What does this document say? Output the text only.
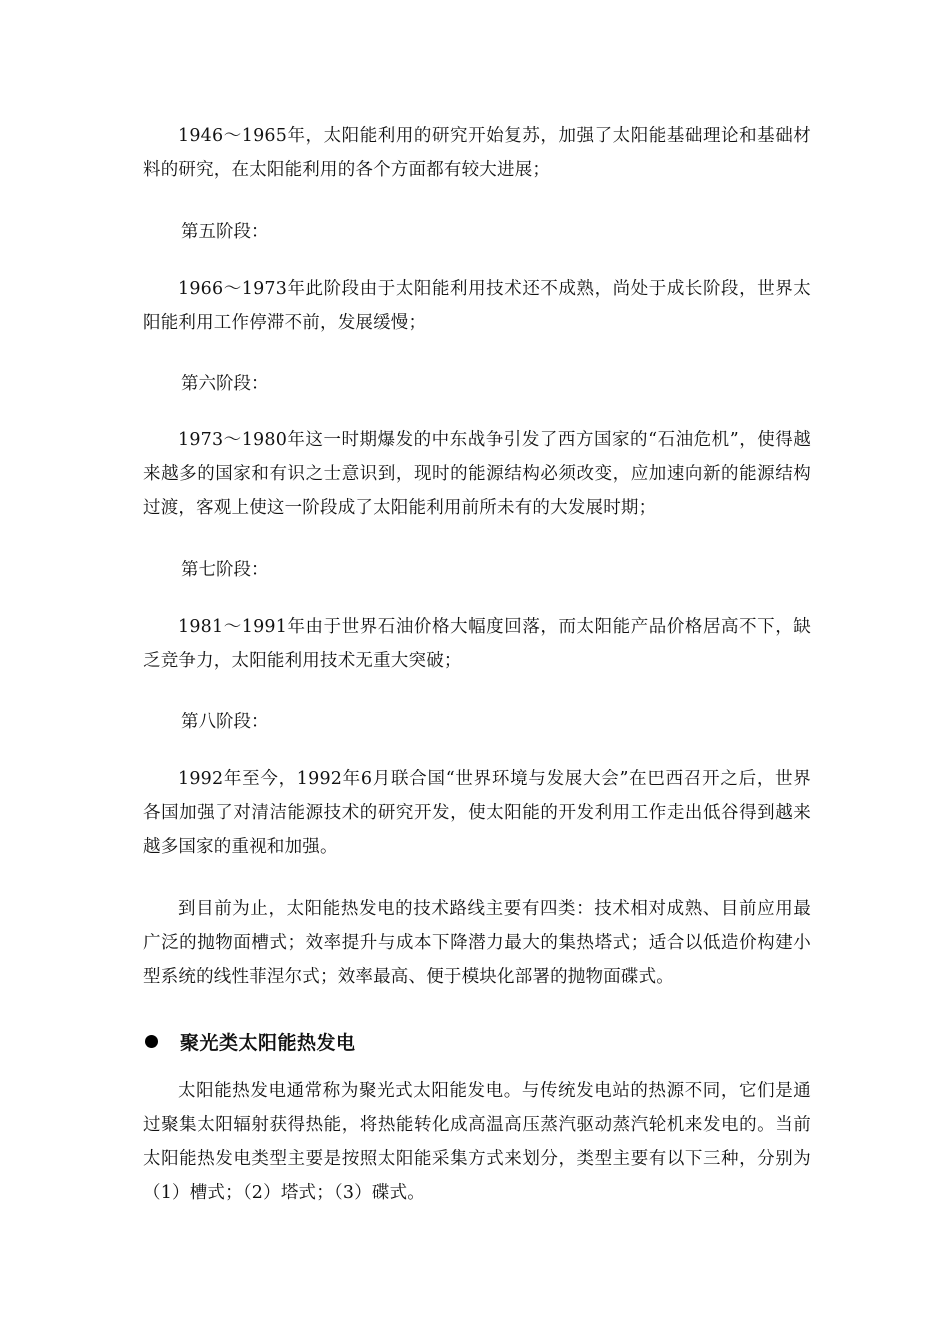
1946～1965年，太阳能利用的研究开始复苏，加强了太阳能基础理论和基础材料的研究，在太阳能利用的各个方面都有较大进展；

第五阶段：

1966～1973年此阶段由于太阳能利用技术还不成熟，尚处于成长阶段，世界太阳能利用工作停滞不前，发展缓慢；

第六阶段：

1973～1980年这一时期爆发的中东战争引发了西方国家的“石油危机”，使得越来越多的国家和有识之士意识到，现时的能源结构必须改变，应加速向新的能源结构过渡，客观上使这一阶段成了太阳能利用前所未有的大发展时期；

第七阶段：

1981～1991年由于世界石油价格大幅度回落，而太阳能产品价格居高不下，缺乏竞争力，太阳能利用技术无重大突破；

第八阶段：

1992年至今，1992年6月联合国“世界环境与发展大会”在巴西召开之后，世界各国加强了对清洁能源技术的研究开发，使太阳能的开发利用工作走出低谷得到越来越多国家的重视和加强。

到目前为止，太阳能热发电的技术路线主要有四类：技术相对成熟、目前应用最广泛的抛物面槽式；效率提升与成本下降潜力最大的集热塔式；适合以低造价构建小型系统的线性菲涅尔式；效率最高、便于模块化部署的抛物面碟式。

聚光类太阳能热发电

太阳能热发电通常称为聚光式太阳能发电。与传统发电站的热源不同，它们是通过聚集太阳辐射获得热能，将热能转化成高温高压蒸汽驱动蒸汽轮机来发电的。当前太阳能热发电类型主要是按照太阳能采集方式来划分，类型主要有以下三种，分别为（1）槽式；（2）塔式；（3）碟式。
